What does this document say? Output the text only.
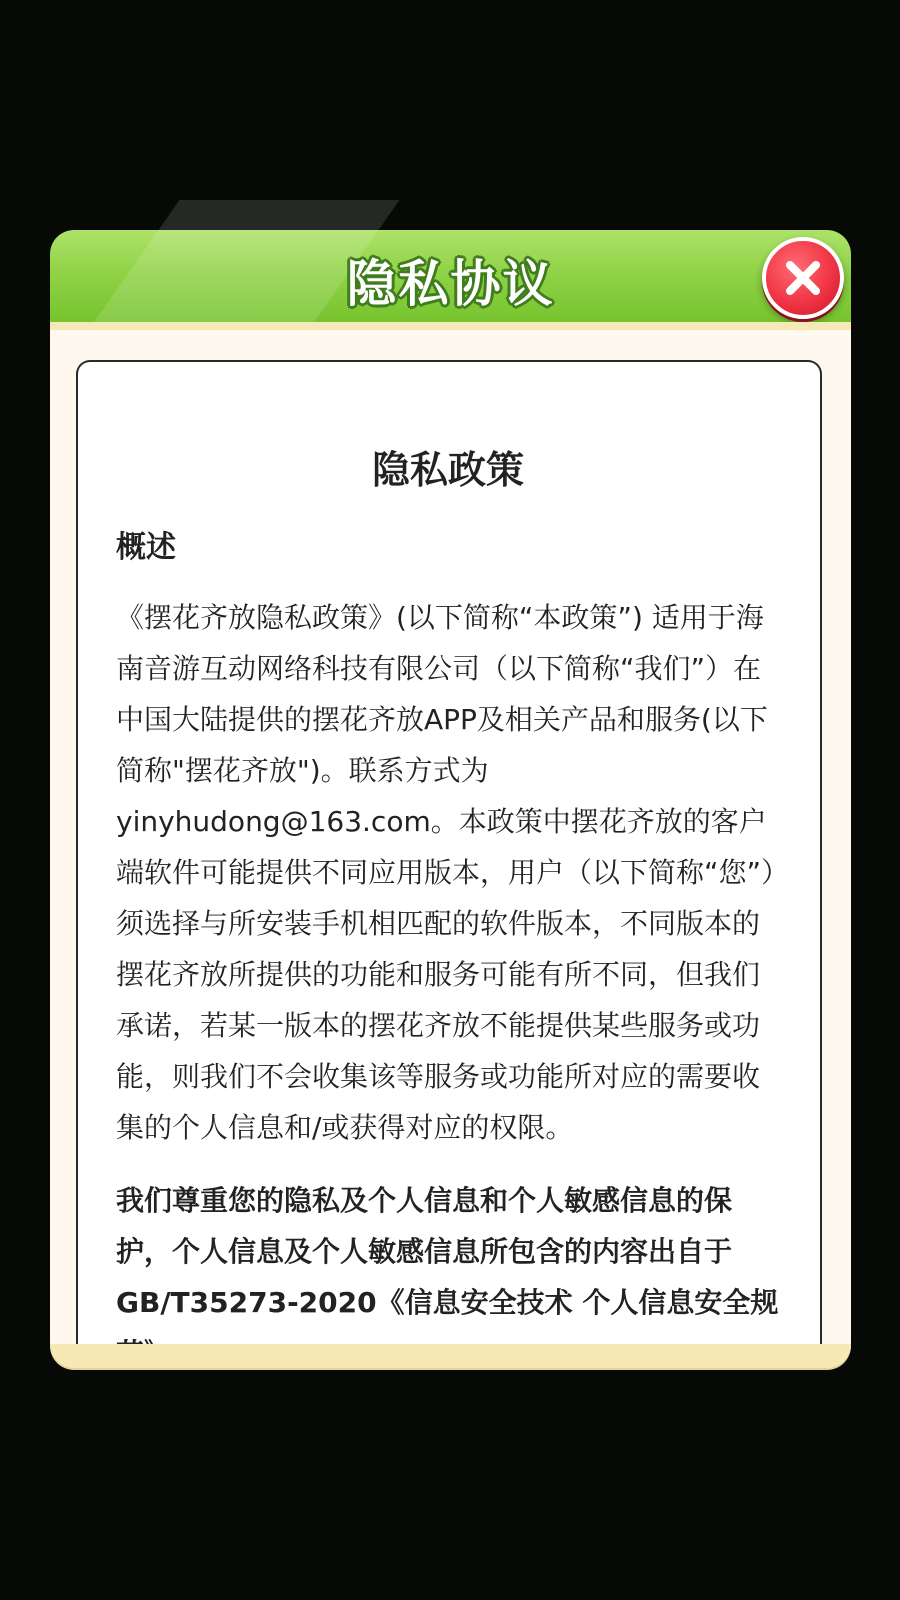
隐私协议
隐私政策
概述

《摆花齐放隐私政策》(以下简称“本政策”) 适用于海南音游互动网络科技有限公司（以下简称“我们”）在中国大陆提供的摆花齐放APP及相关产品和服务(以下简称"摆花齐放")。联系方式为yinyhudong@163.com。本政策中摆花齐放的客户端软件可能提供不同应用版本，用户（以下简称“您”）须选择与所安装手机相匹配的软件版本，不同版本的摆花齐放所提供的功能和服务可能有所不同，但我们承诺，若某一版本的摆花齐放不能提供某些服务或功能，则我们不会收集该等服务或功能所对应的需要收集的个人信息和/或获得对应的权限。

我们尊重您的隐私及个人信息和个人敏感信息的保护，个人信息及个人敏感信息所包含的内容出自于GB/T35273-2020《信息安全技术 个人信息安全规
